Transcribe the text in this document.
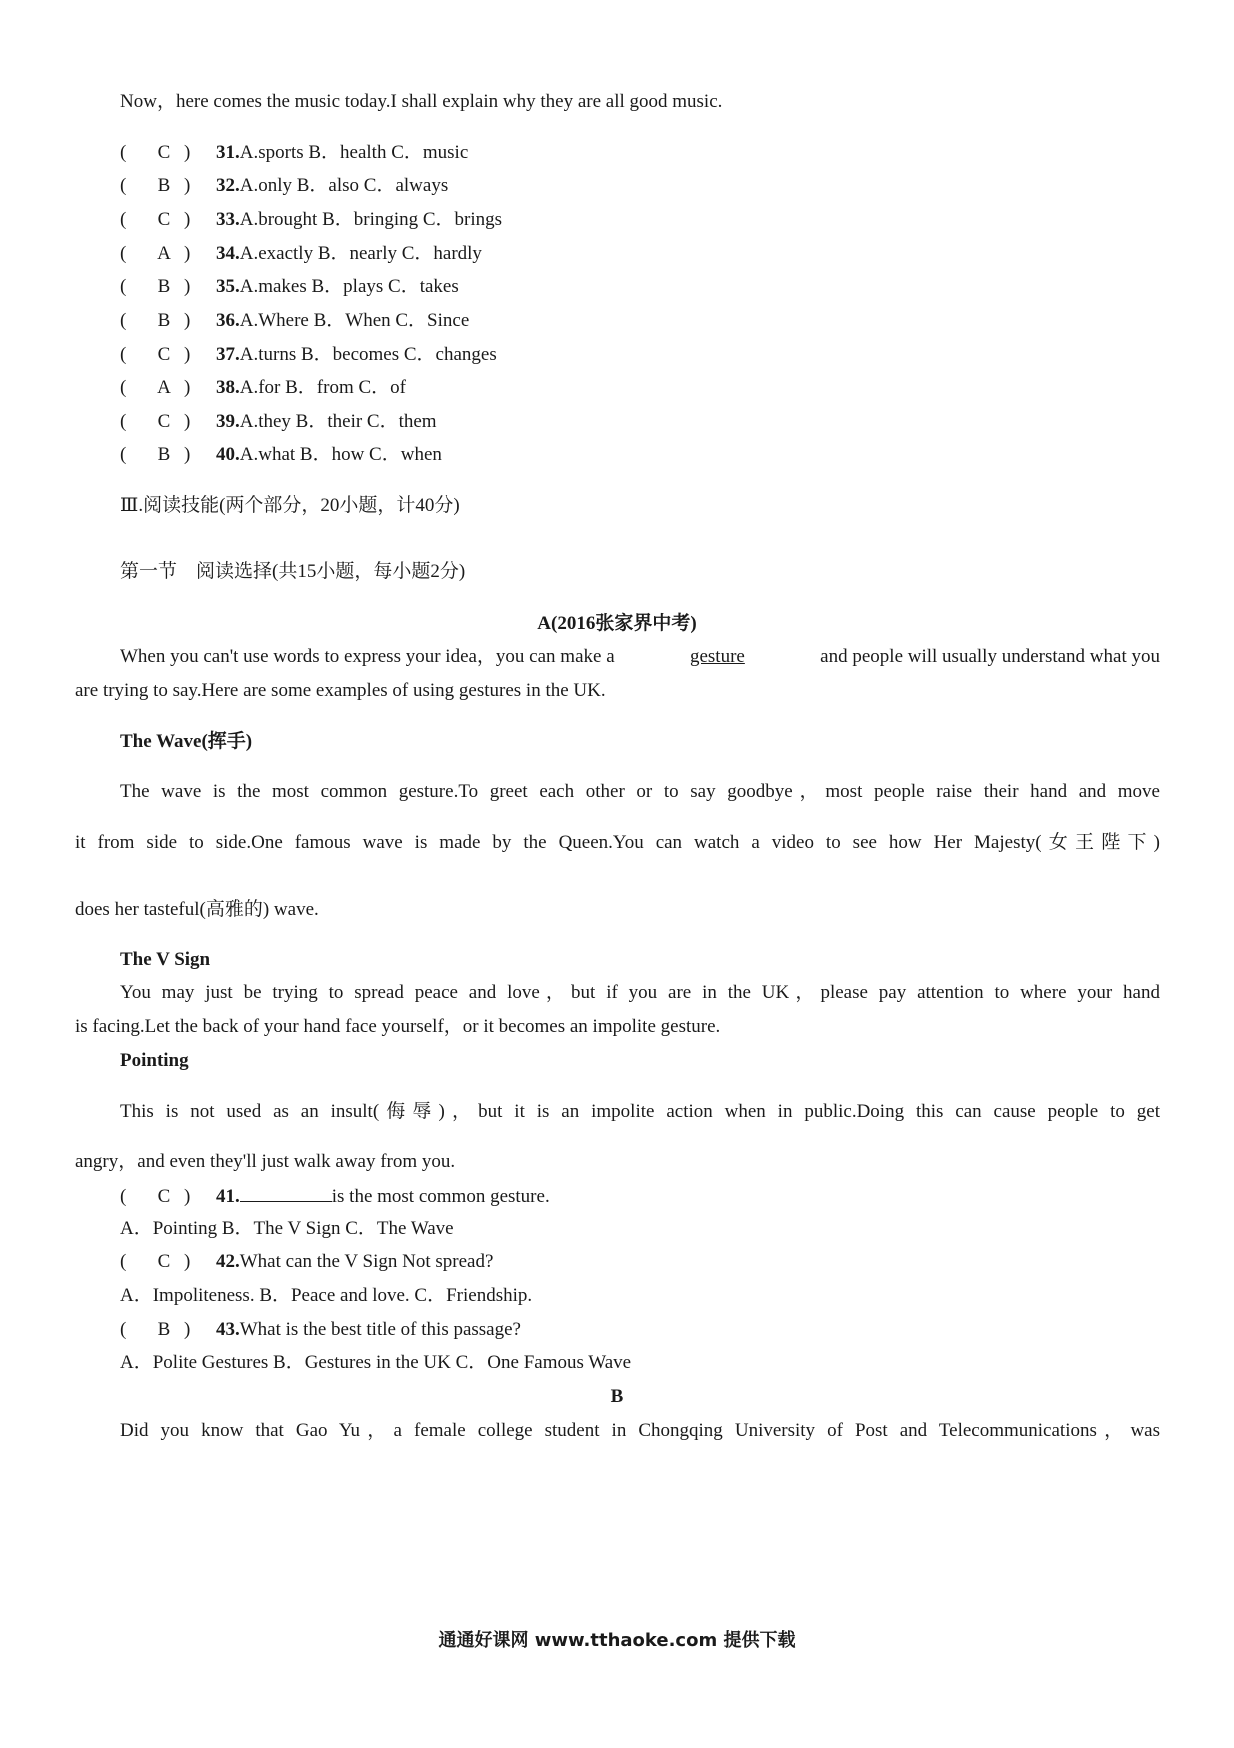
Now，here comes the music today.I shall explain why they are all good music.
( C ) 31.A.sports B．health C．music
( B ) 32.A.only B．also C．always
( C ) 33.A.brought B．bringing C．brings
( A ) 34.A.exactly B．nearly C．hardly
( B ) 35.A.makes B．plays C．takes
( B ) 36.A.Where B．When C．Since
( C ) 37.A.turns B．becomes C．changes
( A ) 38.A.for B．from C．of
( C ) 39.A.they B．their C．them
( B ) 40.A.what B．how C．when
Ⅲ.阅读技能(两个部分，20小题，计40分)
第一节　阅读选择(共15小题，每小题2分)
A(2016张家界中考)
When you can't use words to express your idea，you can make a	gesture	and people will usually understand what you
are trying to say.Here are some examples of using gestures in the UK.
The Wave(挥手)
The wave is the most common gesture.To greet each other or to say goodbye，most people raise their hand and move
it from side to side.One famous wave is made by the Queen.You can watch a video to see how Her Majesty(女王陛下)
does her tasteful(高雅的) wave.
The V Sign
You may just be trying to spread peace and love，but if you are in the UK，please pay attention to where your hand
is facing.Let the back of your hand face yourself，or it becomes an impolite gesture.
Pointing
This is not used as an insult(侮辱)，but it is an impolite action when in public.Doing this can cause people to get
angry，and even they'll just walk away from you.
( C ) 41.	is the most common gesture.
A．Pointing B．The V Sign C．The Wave
( C ) 42.What can the V Sign Not spread?
A．Impoliteness. B．Peace and love. C．Friendship.
( B ) 43.What is the best title of this passage?
A．Polite Gestures B．Gestures in the UK C．One Famous Wave
B
Did you know that Gao Yu，a female college student in Chongqing University of Post and Telecommunications，was
通通好课网 www.tthaoke.com 提供下载
